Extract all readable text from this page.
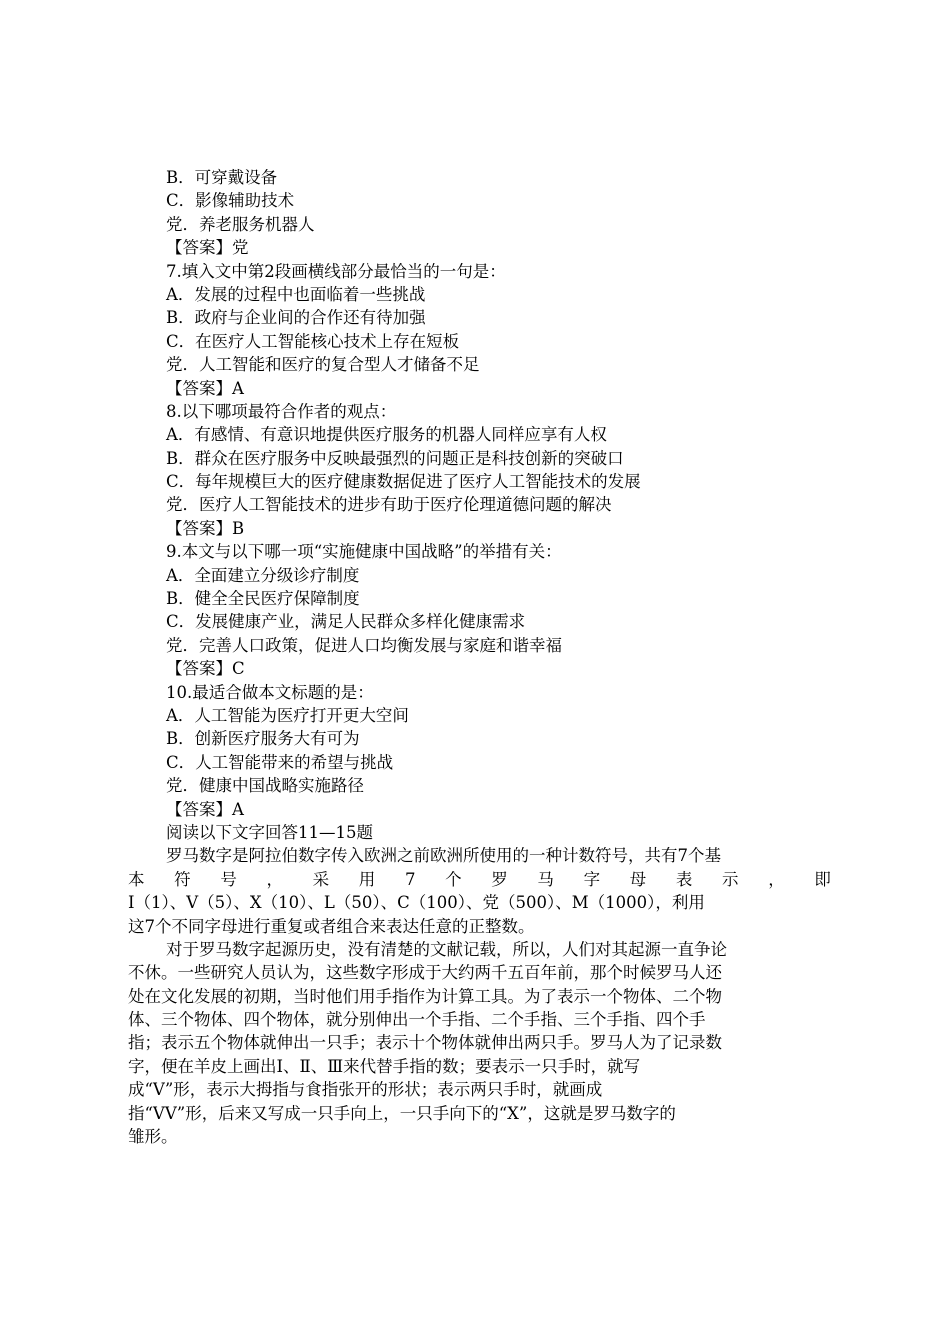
B．可穿戴设备
C．影像辅助技术
党．养老服务机器人
【答案】党
7.填入文中第2段画横线部分最恰当的一句是：
A．发展的过程中也面临着一些挑战
B．政府与企业间的合作还有待加强
C．在医疗人工智能核心技术上存在短板
党．人工智能和医疗的复合型人才储备不足
【答案】A
8.以下哪项最符合作者的观点：
A．有感情、有意识地提供医疗服务的机器人同样应享有人权
B．群众在医疗服务中反映最强烈的问题正是科技创新的突破口
C．每年规模巨大的医疗健康数据促进了医疗人工智能技术的发展
党．医疗人工智能技术的进步有助于医疗伦理道德问题的解决
【答案】B
9.本文与以下哪一项“实施健康中国战略”的举措有关：
A．全面建立分级诊疗制度
B．健全全民医疗保障制度
C．发展健康产业，满足人民群众多样化健康需求
党．完善人口政策，促进人口均衡发展与家庭和谐幸福
【答案】C
10.最适合做本文标题的是：
A．人工智能为医疗打开更大空间
B．创新医疗服务大有可为
C．人工智能带来的希望与挑战
党．健康中国战略实施路径
【答案】A
阅读以下文字回答11—15题
罗马数字是阿拉伯数字传入欧洲之前欧洲所使用的一种计数符号，共有7个基
本 符 号 ， 采 用 7 个 罗 马 字 母 表 示 ， 即
Ⅰ（1）、Ⅴ（5）、Ⅹ（10）、L（50）、C（100）、党（500）、M（1000），利用
这7个不同字母进行重复或者组合来表达任意的正整数。
对于罗马数字起源历史，没有清楚的文献记载，所以，人们对其起源一直争论
不休。一些研究人员认为，这些数字形成于大约两千五百年前，那个时候罗马人还
处在文化发展的初期，当时他们用手指作为计算工具。为了表示一个物体、二个物
体、三个物体、四个物体，就分别伸出一个手指、二个手指、三个手指、四个手
指；表示五个物体就伸出一只手；表示十个物体就伸出两只手。罗马人为了记录数
字，便在羊皮上画出Ⅰ、Ⅱ、Ⅲ来代替手指的数；要表示一只手时，就写
成“Ⅴ”形，表示大拇指与食指张开的形状；表示两只手时，就画成
指“ⅤⅤ”形，后来又写成一只手向上，一只手向下的“Ⅹ”，这就是罗马数字的
雏形。
